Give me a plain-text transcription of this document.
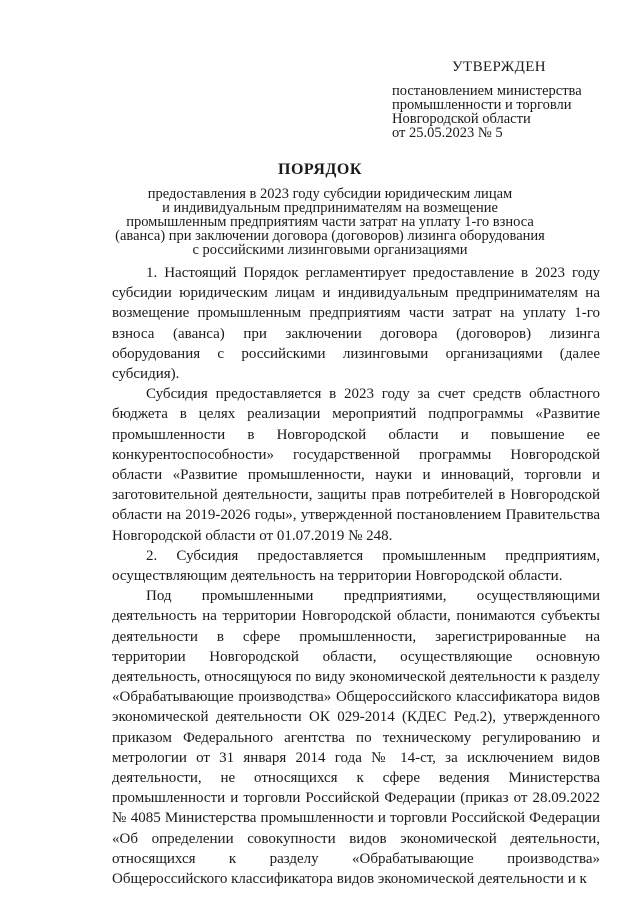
УТВЕРЖДЕН
постановлением министерства
промышленности и торговли
Новгородской области
от 25.05.2023 № 5
ПОРЯДОК
предоставления в 2023 году субсидии юридическим лицам
и индивидуальным предпринимателям на возмещение
промышленным предприятиям части затрат на уплату 1-го взноса
(аванса) при заключении договора (договоров) лизинга оборудования
с российскими лизинговыми организациями

1. Настоящий Порядок регламентирует предоставление в 2023 году субсидии юридическим лицам и индивидуальным предпринимателям на возмещение промышленным предприятиям части затрат на уплату 1-го взноса (аванса) при заключении договора (договоров) лизинга оборудования с российскими лизинговыми организациями (далее субсидия).

Субсидия предоставляется в 2023 году за счет средств областного бюджета в целях реализации мероприятий подпрограммы «Развитие промышленности в Новгородской области и повышение ее конкурентоспособности» государственной программы Новгородской области «Развитие промышленности, науки и инноваций, торговли и заготовительной деятельности, защиты прав потребителей в Новгородской области на 2019-2026 годы», утвержденной постановлением Правительства Новгородской области от 01.07.2019 № 248.

2. Субсидия предоставляется промышленным предприятиям, осуществляющим деятельность на территории Новгородской области.

Под промышленными предприятиями, осуществляющими деятельность на территории Новгородской области, понимаются субъекты деятельности в сфере промышленности, зарегистрированные на территории Новгородской области, осуществляющие основную деятельность, относящуюся по виду экономической деятельности к разделу «Обрабатывающие производства» Общероссийского классификатора видов экономической деятельности ОК 029-2014 (КДЕС Ред.2), утвержденного приказом Федерального агентства по техническому регулированию и метрологии от 31 января 2014 года № 14-ст, за исключением видов деятельности, не относящихся к сфере ведения Министерства промышленности и торговли Российской Федерации (приказ от 28.09.2022 № 4085 Министерства промышленности и торговли Российской Федерации «Об определении совокупности видов экономической деятельности, относящихся к разделу «Обрабатывающие производства» Общероссийского классификатора видов экономической деятельности и к
